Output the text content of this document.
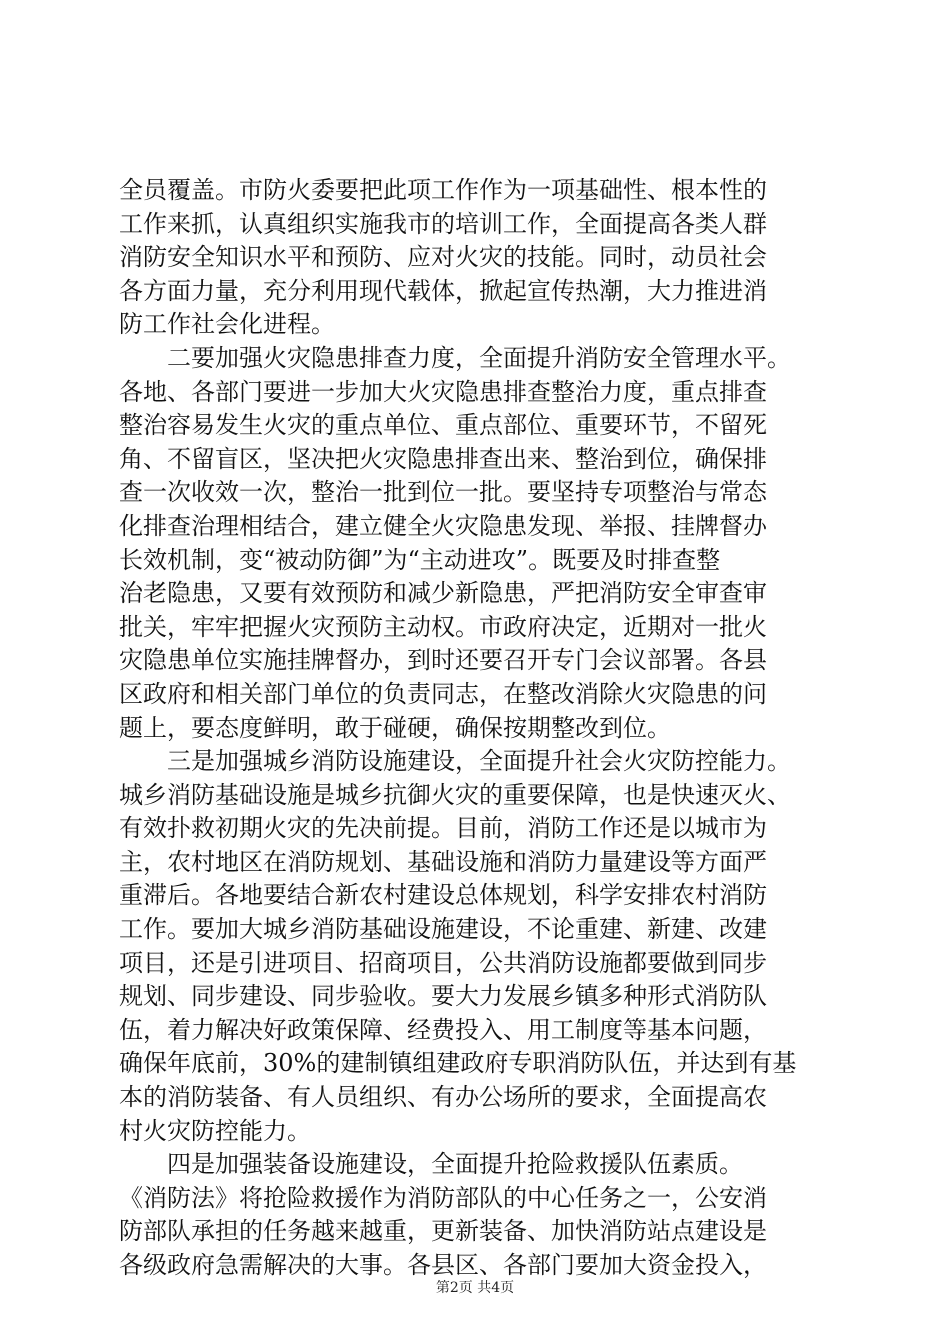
全员覆盖。市防火委要把此项工作作为一项基础性、根本性的
工作来抓，认真组织实施我市的培训工作，全面提高各类人群
消防安全知识水平和预防、应对火灾的技能。同时，动员社会
各方面力量，充分利用现代载体，掀起宣传热潮，大力推进消
防工作社会化进程。
　　二要加强火灾隐患排查力度，全面提升消防安全管理水平。
各地、各部门要进一步加大火灾隐患排查整治力度，重点排查
整治容易发生火灾的重点单位、重点部位、重要环节，不留死
角、不留盲区，坚决把火灾隐患排查出来、整治到位，确保排
查一次收效一次，整治一批到位一批。要坚持专项整治与常态
化排查治理相结合，建立健全火灾隐患发现、举报、挂牌督办
长效机制，变“被动防御”为“主动进攻”。既要及时排查整
治老隐患，又要有效预防和减少新隐患，严把消防安全审查审
批关，牢牢把握火灾预防主动权。市政府决定，近期对一批火
灾隐患单位实施挂牌督办，到时还要召开专门会议部署。各县
区政府和相关部门单位的负责同志，在整改消除火灾隐患的问
题上，要态度鲜明，敢于碰硬，确保按期整改到位。
　　三是加强城乡消防设施建设，全面提升社会火灾防控能力。
城乡消防基础设施是城乡抗御火灾的重要保障，也是快速灭火、
有效扑救初期火灾的先决前提。目前，消防工作还是以城市为
主，农村地区在消防规划、基础设施和消防力量建设等方面严
重滞后。各地要结合新农村建设总体规划，科学安排农村消防
工作。要加大城乡消防基础设施建设，不论重建、新建、改建
项目，还是引进项目、招商项目，公共消防设施都要做到同步
规划、同步建设、同步验收。要大力发展乡镇多种形式消防队
伍，着力解决好政策保障、经费投入、用工制度等基本问题，
确保年底前，30%的建制镇组建政府专职消防队伍，并达到有基
本的消防装备、有人员组织、有办公场所的要求，全面提高农
村火灾防控能力。
　　四是加强装备设施建设，全面提升抢险救援队伍素质。
《消防法》将抢险救援作为消防部队的中心任务之一，公安消
防部队承担的任务越来越重，更新装备、加快消防站点建设是
各级政府急需解决的大事。各县区、各部门要加大资金投入，
第2页 共4页
